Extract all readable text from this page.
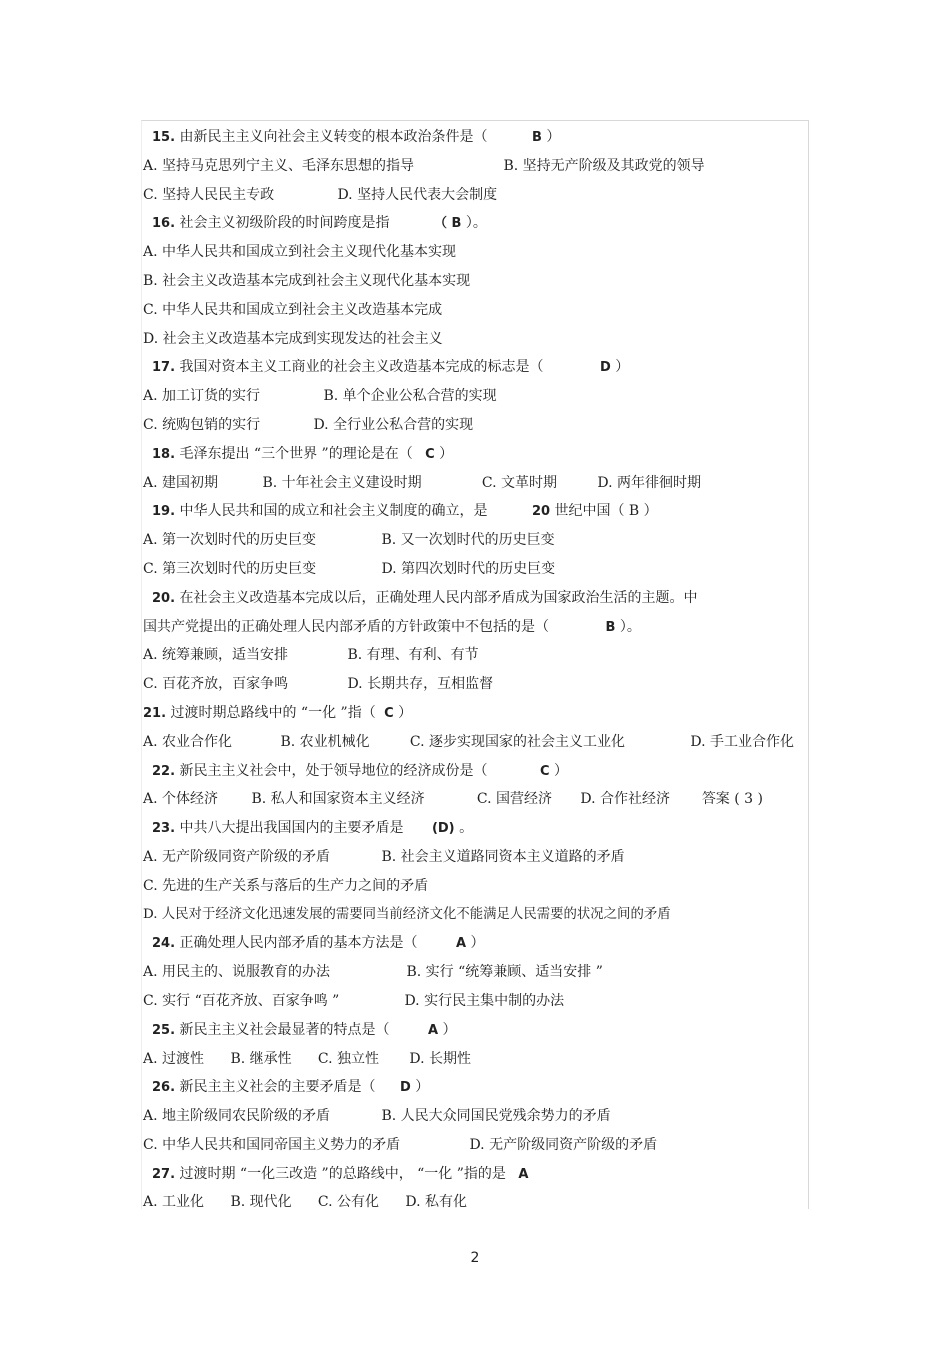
15. 由新民主主义向社会主义转变的根本政治条件是（	B ）
A. 坚持马克思列宁主义、毛泽东思想的指导	B. 坚持无产阶级及其政党的领导
C. 坚持人民民主专政	D. 坚持人民代表大会制度
16. 社会主义初级阶段的时间跨度是指	（ B ）。
A. 中华人民共和国成立到社会主义现代化基本实现
B. 社会主义改造基本完成到社会主义现代化基本实现
C. 中华人民共和国成立到社会主义改造基本完成
D. 社会主义改造基本完成到实现发达的社会主义
17. 我国对资本主义工商业的社会主义改造基本完成的标志是（	D ）
A. 加工订货的实行	B. 单个企业公私合营的实现
C. 统购包销的实行	D. 全行业公私合营的实现
18. 毛泽东提出 “三个世界 ”的理论是在（ C ）
A. 建国初期	B. 十年社会主义建设时期	C. 文革时期	D. 两年徘徊时期
19. 中华人民共和国的成立和社会主义制度的确立，是	20 世纪中国（ B ）
A. 第一次划时代的历史巨变	B. 又一次划时代的历史巨变
C. 第三次划时代的历史巨变	D. 第四次划时代的历史巨变
20. 在社会主义改造基本完成以后，正确处理人民内部矛盾成为国家政治生活的主题。中
国共产党提出的正确处理人民内部矛盾的方针政策中不包括的是（	B ）。
A. 统筹兼顾，适当安排	B. 有理、有利、有节
C. 百花齐放，百家争鸣	D. 长期共存，互相监督
21. 过渡时期总路线中的 “一化 ”指（ C ）
A. 农业合作化	B. 农业机械化	C. 逐步实现国家的社会主义工业化	D. 手工业合作化
22. 新民主主义社会中，处于领导地位的经济成份是（	C ）
A. 个体经济 B. 私人和国家资本主义经济	C. 国营经济 D. 合作社经济 答案 ( 3 )
23. 中共八大提出我国国内的主要矛盾是 (D) 。
A. 无产阶级同资产阶级的矛盾	B. 社会主义道路同资本主义道路的矛盾
C. 先进的生产关系与落后的生产力之间的矛盾
D. 人民对于经济文化迅速发展的需要同当前经济文化不能满足人民需要的状况之间的矛盾
24. 正确处理人民内部矛盾的基本方法是（	A ）
A. 用民主的、说服教育的办法	B. 实行 “统筹兼顾、适当安排 ”
C. 实行 “百花齐放、百家争鸣 ”	D. 实行民主集中制的办法
25. 新民主主义社会最显著的特点是（	A ）
A. 过渡性 B. 继承性 C. 独立性 D. 长期性
26. 新民主主义社会的主要矛盾是（ D ）
A. 地主阶级同农民阶级的矛盾	B. 人民大众同国民党残余势力的矛盾
C. 中华人民共和国同帝国主义势力的矛盾	D. 无产阶级同资产阶级的矛盾
27. 过渡时期 “一化三改造 ”的总路线中， “一化 ”指的是 A
A. 工业化 B. 现代化 C. 公有化 D. 私有化
2
